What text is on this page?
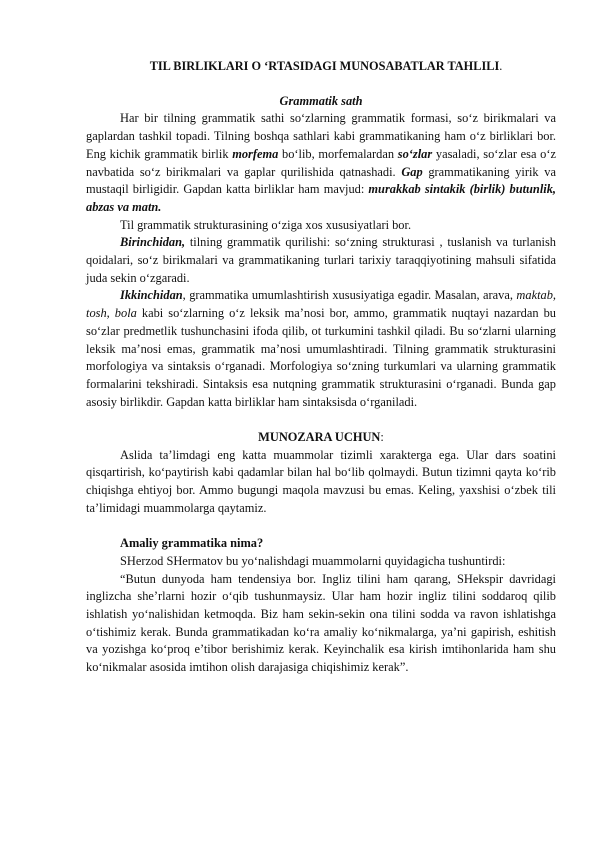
TIL BIRLIKLARI O ‘RTASIDAGI MUNOSABATLAR TAHLILI.
Grammatik sath

Har bir tilning grammatik sathi so‘zlarning grammatik formasi, so‘z birikmalari va gaplardan tashkil topadi. Tilning boshqa sathlari kabi grammatikaning ham o‘z birliklari bor. Eng kichik grammatik birlik morfema bo‘lib, morfemalardan so‘zlar yasaladi, so‘zlar esa o‘z navbatida so‘z birikmalari va gaplar qurilishida qatnashadi. Gap grammatikaning yirik va mustaqil birligidir. Gapdan katta birliklar ham mavjud: murakkab sintakik (birlik) butunlik, abzas va matn.

Til grammatik strukturasining o‘ziga xos xususiyatlari bor.

Birinchidan, tilning grammatik qurilishi: so‘zning strukturasi , tuslanish va turlanish qoidalari, so‘z birikmalari va grammatikaning turlari tarixiy taraqqiyotining mahsuli sifatida juda sekin o‘zgaradi.

Ikkinchidan, grammatika umumlashtirish xususiyatiga egadir. Masalan, arava, maktab, tosh, bola kabi so‘zlarning o‘z leksik ma’nosi bor, ammo, grammatik nuqtayi nazardan bu so‘zlar predmetlik tushunchasini ifoda qilib, ot turkumini tashkil qiladi. Bu so‘zlarni ularning leksik ma’nosi emas, grammatik ma’nosi umumlashtiradi. Tilning grammatik strukturasini morfologiya va sintaksis o‘rganadi. Morfologiya so‘zning turkumlari va ularning grammatik formalarini tekshiradi. Sintaksis esa nutqning grammatik strukturasini o‘rganadi. Bunda gap asosiy birlikdir. Gapdan katta birliklar ham sintaksisda o‘rganiladi.

MUNOZARA UCHUN:

Aslida ta’limdagi eng katta muammolar tizimli xarakterga ega. Ular dars soatini qisqartirish, ko‘paytirish kabi qadamlar bilan hal bo‘lib qolmaydi. Butun tizimni qayta ko‘rib chiqishga ehtiyoj bor. Ammo bugungi maqola mavzusi bu emas. Keling, yaxshisi o‘zbek tili ta’limidagi muammolarga qaytamiz.

Amaliy grammatika nima?

SHerzod SHermatov bu yo‘nalishdagi muammolarni quyidagicha tushuntirdi:

“Butun dunyoda ham tendensiya bor. Ingliz tilini ham qarang, SHekspir davridagi inglizcha she’rlarni hozir o‘qib tushunmaysiz. Ular ham hozir ingliz tilini soddaroq qilib ishlatish yo‘nalishidan ketmoqda. Biz ham sekin-sekin ona tilini sodda va ravon ishlatishga o‘tishimiz kerak. Bunda grammatikadan ko‘ra amaliy ko‘nikmalarga, ya’ni gapirish, eshitish va yozishga ko‘proq e’tibor berishimiz kerak. Keyinchalik esa kirish imtihonlarida ham shu ko‘nikmalar asosida imtihon olish darajasiga chiqishimiz kerak”.
